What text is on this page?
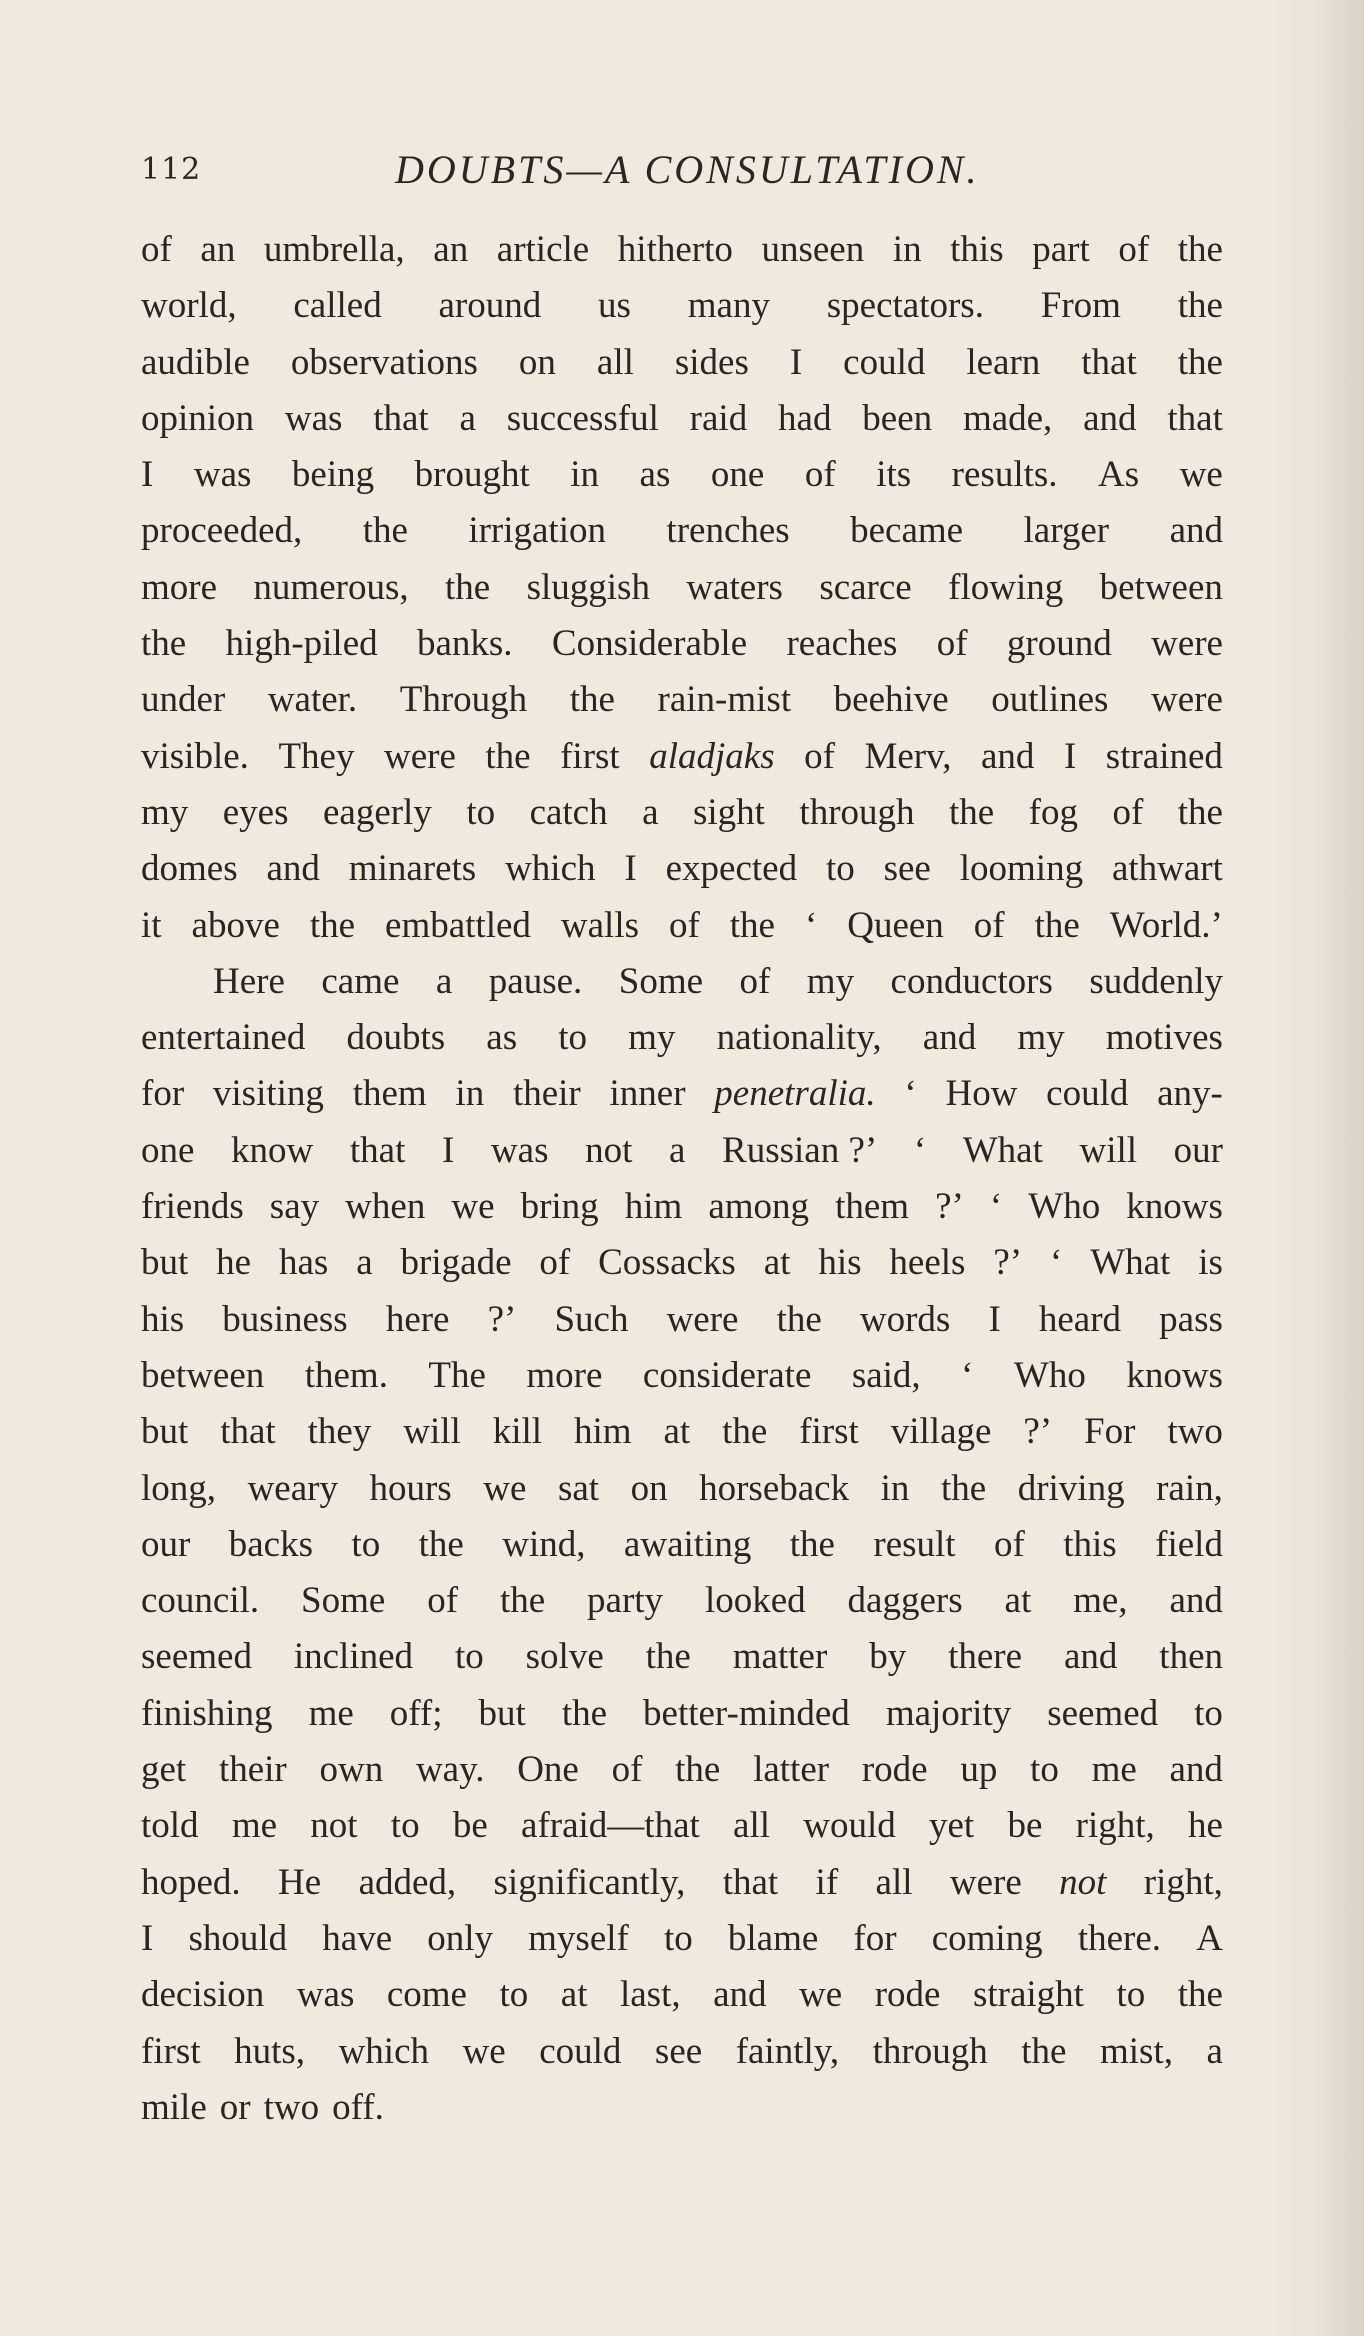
112	DOUBTS—A CONSULTATION.
of an umbrella, an article hitherto unseen in this part of the
world, called around us many spectators. From the
audible observations on all sides I could learn that the
opinion was that a successful raid had been made, and that
I was being brought in as one of its results. As we
proceeded, the irrigation trenches became larger and
more numerous, the sluggish waters scarce flowing between
the high-piled banks. Considerable reaches of ground were
under water. Through the rain-mist beehive outlines were
visible. They were the first aladjaks of Merv, and I strained
my eyes eagerly to catch a sight through the fog of the
domes and minarets which I expected to see looming athwart
it above the embattled walls of the ‘ Queen of the World.’
Here came a pause. Some of my conductors suddenly
entertained doubts as to my nationality, and my motives
for visiting them in their inner penetralia. ‘ How could any-
one know that I was not a Russian ?’ ‘ What will our
friends say when we bring him among them ?’ ‘ Who knows
but he has a brigade of Cossacks at his heels ?’ ‘ What is
his business here ?’ Such were the words I heard pass
between them. The more considerate said, ‘ Who knows
but that they will kill him at the first village ?’ For two
long, weary hours we sat on horseback in the driving rain,
our backs to the wind, awaiting the result of this field
council. Some of the party looked daggers at me, and
seemed inclined to solve the matter by there and then
finishing me off; but the better-minded majority seemed to
get their own way. One of the latter rode up to me and
told me not to be afraid—that all would yet be right, he
hoped. He added, significantly, that if all were not right,
I should have only myself to blame for coming there. A
decision was come to at last, and we rode straight to the
first huts, which we could see faintly, through the mist, a
mile or two off.
